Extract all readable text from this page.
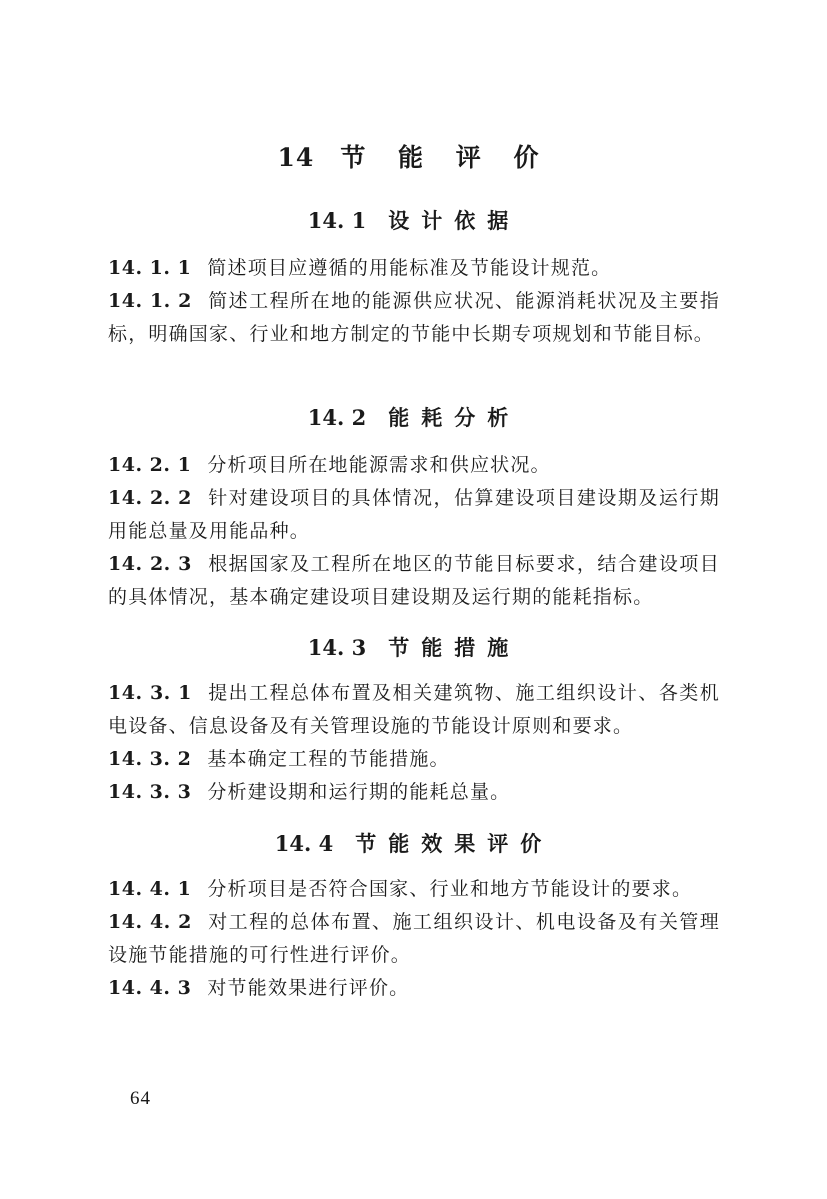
14 节 能 评 价
14. 1 设计依据
14. 1. 1 简述项目应遵循的用能标准及节能设计规范。
14. 1. 2 简述工程所在地的能源供应状况、能源消耗状况及主要指标，明确国家、行业和地方制定的节能中长期专项规划和节能目标。
14. 2 能耗分析
14. 2. 1 分析项目所在地能源需求和供应状况。
14. 2. 2 针对建设项目的具体情况，估算建设项目建设期及运行期用能总量及用能品种。
14. 2. 3 根据国家及工程所在地区的节能目标要求，结合建设项目的具体情况，基本确定建设项目建设期及运行期的能耗指标。
14. 3 节能措施
14. 3. 1 提出工程总体布置及相关建筑物、施工组织设计、各类机电设备、信息设备及有关管理设施的节能设计原则和要求。
14. 3. 2 基本确定工程的节能措施。
14. 3. 3 分析建设期和运行期的能耗总量。
14. 4 节能效果评价
14. 4. 1 分析项目是否符合国家、行业和地方节能设计的要求。
14. 4. 2 对工程的总体布置、施工组织设计、机电设备及有关管理设施节能措施的可行性进行评价。
14. 4. 3 对节能效果进行评价。
64
